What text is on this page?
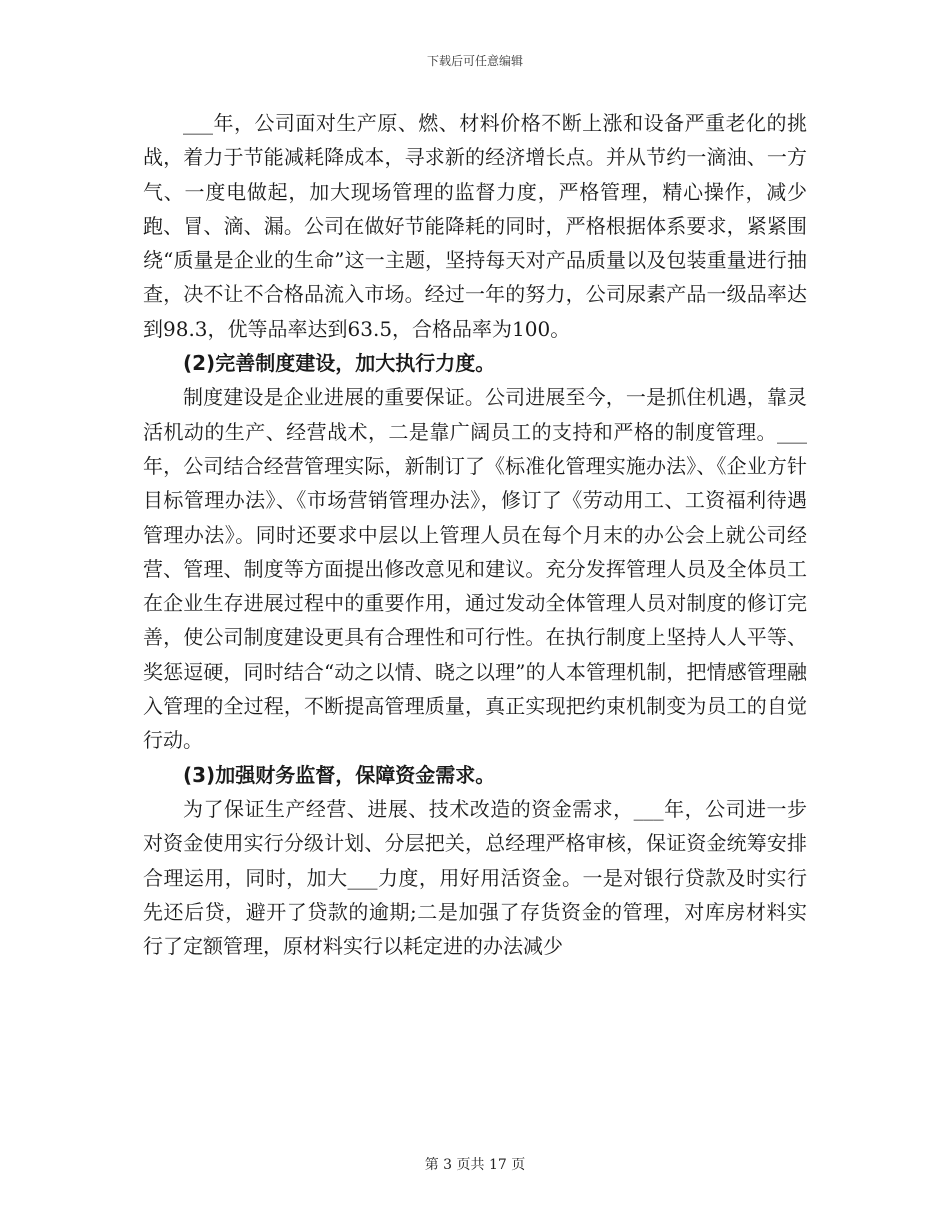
下载后可任意编辑

___年，公司面对生产原、燃、材料价格不断上涨和设备严重老化的挑战，着力于节能减耗降成本，寻求新的经济增长点。并从节约一滴油、一方气、一度电做起，加大现场管理的监督力度，严格管理，精心操作，减少跑、冒、滴、漏。公司在做好节能降耗的同时，严格根据体系要求，紧紧围绕“质量是企业的生命”这一主题，坚持每天对产品质量以及包装重量进行抽查，决不让不合格品流入市场。经过一年的努力，公司尿素产品一级品率达到98.3，优等品率达到63.5，合格品率为100。

(2)完善制度建设，加大执行力度。

制度建设是企业进展的重要保证。公司进展至今，一是抓住机遇，靠灵活机动的生产、经营战术，二是靠广阔员工的支持和严格的制度管理。___年，公司结合经营管理实际，新制订了《标准化管理实施办法》、《企业方针目标管理办法》、《市场营销管理办法》，修订了《劳动用工、工资福利待遇管理办法》。同时还要求中层以上管理人员在每个月末的办公会上就公司经营、管理、制度等方面提出修改意见和建议。充分发挥管理人员及全体员工在企业生存进展过程中的重要作用，通过发动全体管理人员对制度的修订完善，使公司制度建设更具有合理性和可行性。在执行制度上坚持人人平等、奖惩逗硬，同时结合“动之以情、晓之以理”的人本管理机制，把情感管理融入管理的全过程，不断提高管理质量，真正实现把约束机制变为员工的自觉行动。

(3)加强财务监督，保障资金需求。

为了保证生产经营、进展、技术改造的资金需求，___年，公司进一步对资金使用实行分级计划、分层把关，总经理严格审核，保证资金统筹安排合理运用，同时，加大___力度，用好用活资金。一是对银行贷款及时实行先还后贷，避开了贷款的逾期;二是加强了存货资金的管理，对库房材料实行了定额管理，原材料实行以耗定进的办法减少

第 3 页共 17 页
